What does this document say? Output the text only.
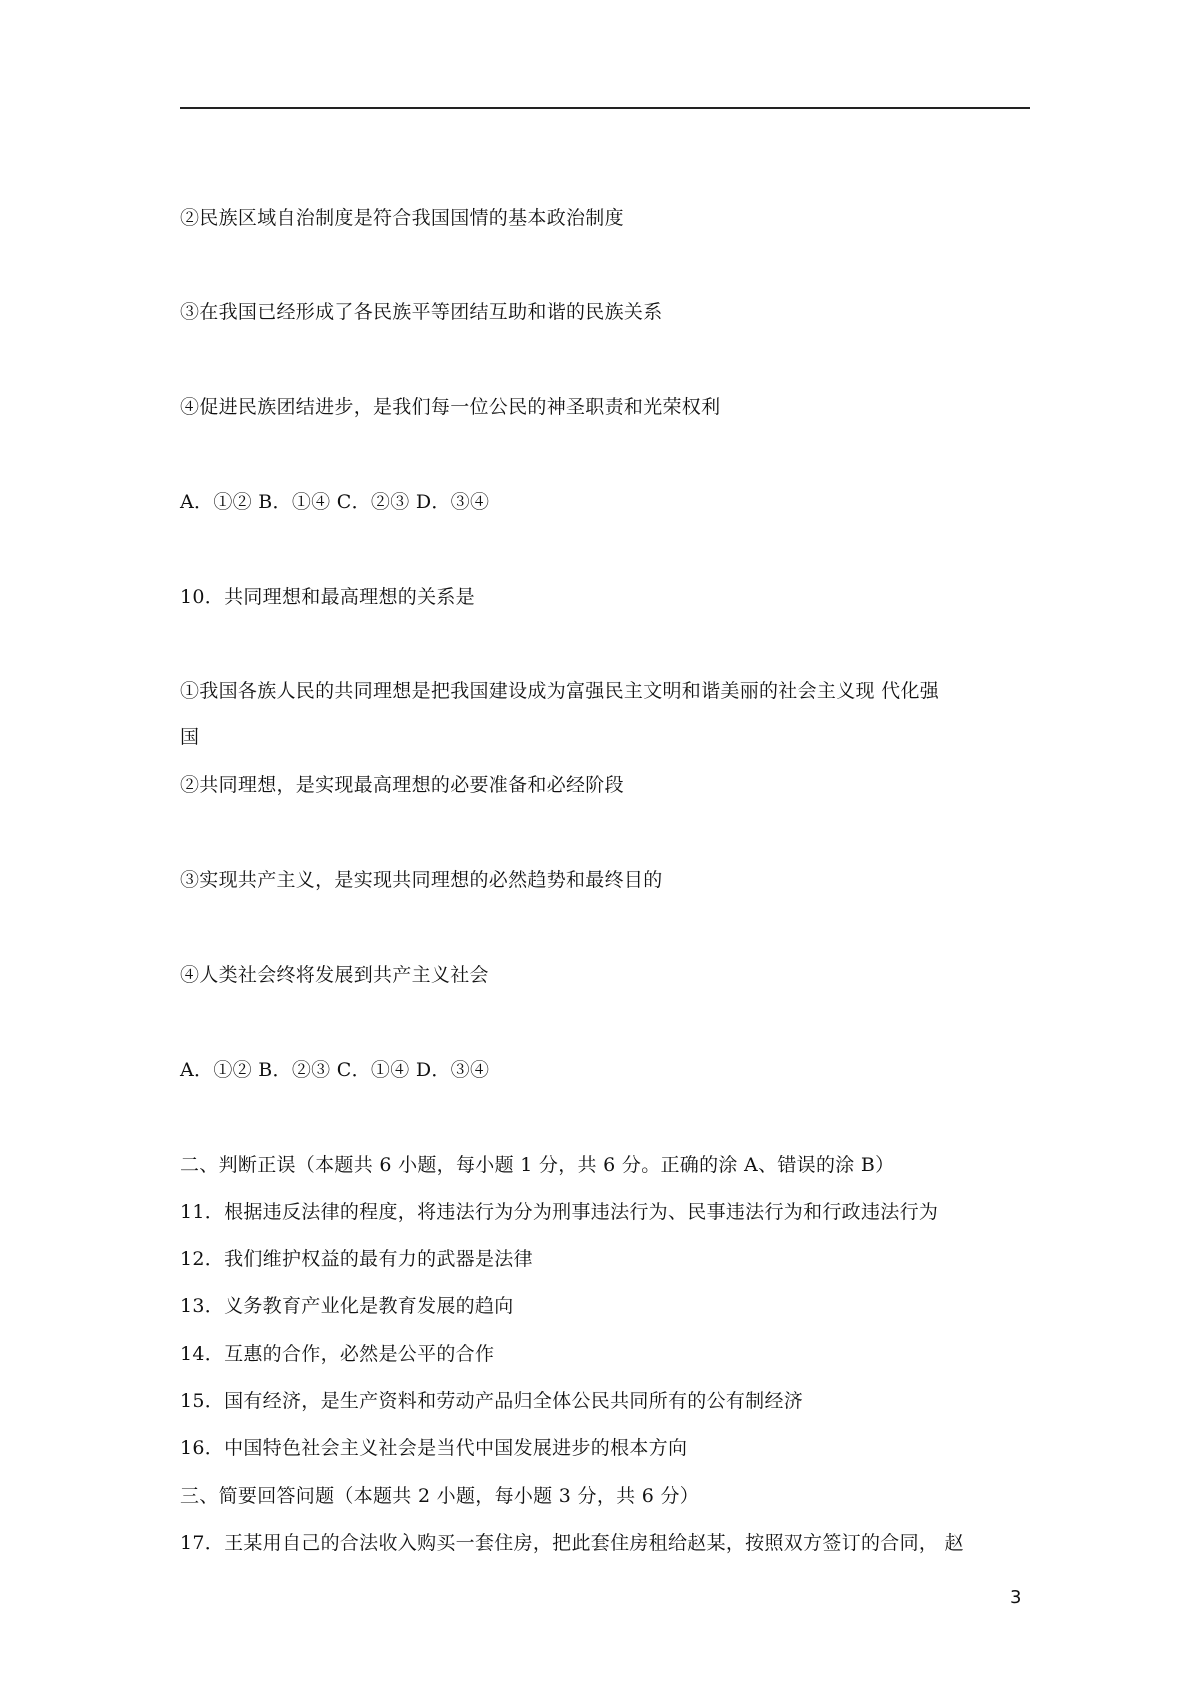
②民族区域自治制度是符合我国国情的基本政治制度
③在我国已经形成了各民族平等团结互助和谐的民族关系
④促进民族团结进步，是我们每一位公民的神圣职责和光荣权利
A．①② B．①④ C．②③ D．③④
10．共同理想和最高理想的关系是
①我国各族人民的共同理想是把我国建设成为富强民主文明和谐美丽的社会主义现 代化强
国
②共同理想，是实现最高理想的必要准备和必经阶段
③实现共产主义，是实现共同理想的必然趋势和最终目的
④人类社会终将发展到共产主义社会
A．①② B．②③ C．①④ D．③④
二、判断正误（本题共 6 小题，每小题 1 分，共 6 分。正确的涂 A、错误的涂 B）
11．根据违反法律的程度，将违法行为分为刑事违法行为、民事违法行为和行政违法行为
12．我们维护权益的最有力的武器是法律
13．义务教育产业化是教育发展的趋向
14．互惠的合作，必然是公平的合作
15．国有经济，是生产资料和劳动产品归全体公民共同所有的公有制经济
16．中国特色社会主义社会是当代中国发展进步的根本方向
三、简要回答问题（本题共 2 小题，每小题 3 分，共 6 分）
17．王某用自己的合法收入购买一套住房，把此套住房租给赵某，按照双方签订的合同， 赵
3
